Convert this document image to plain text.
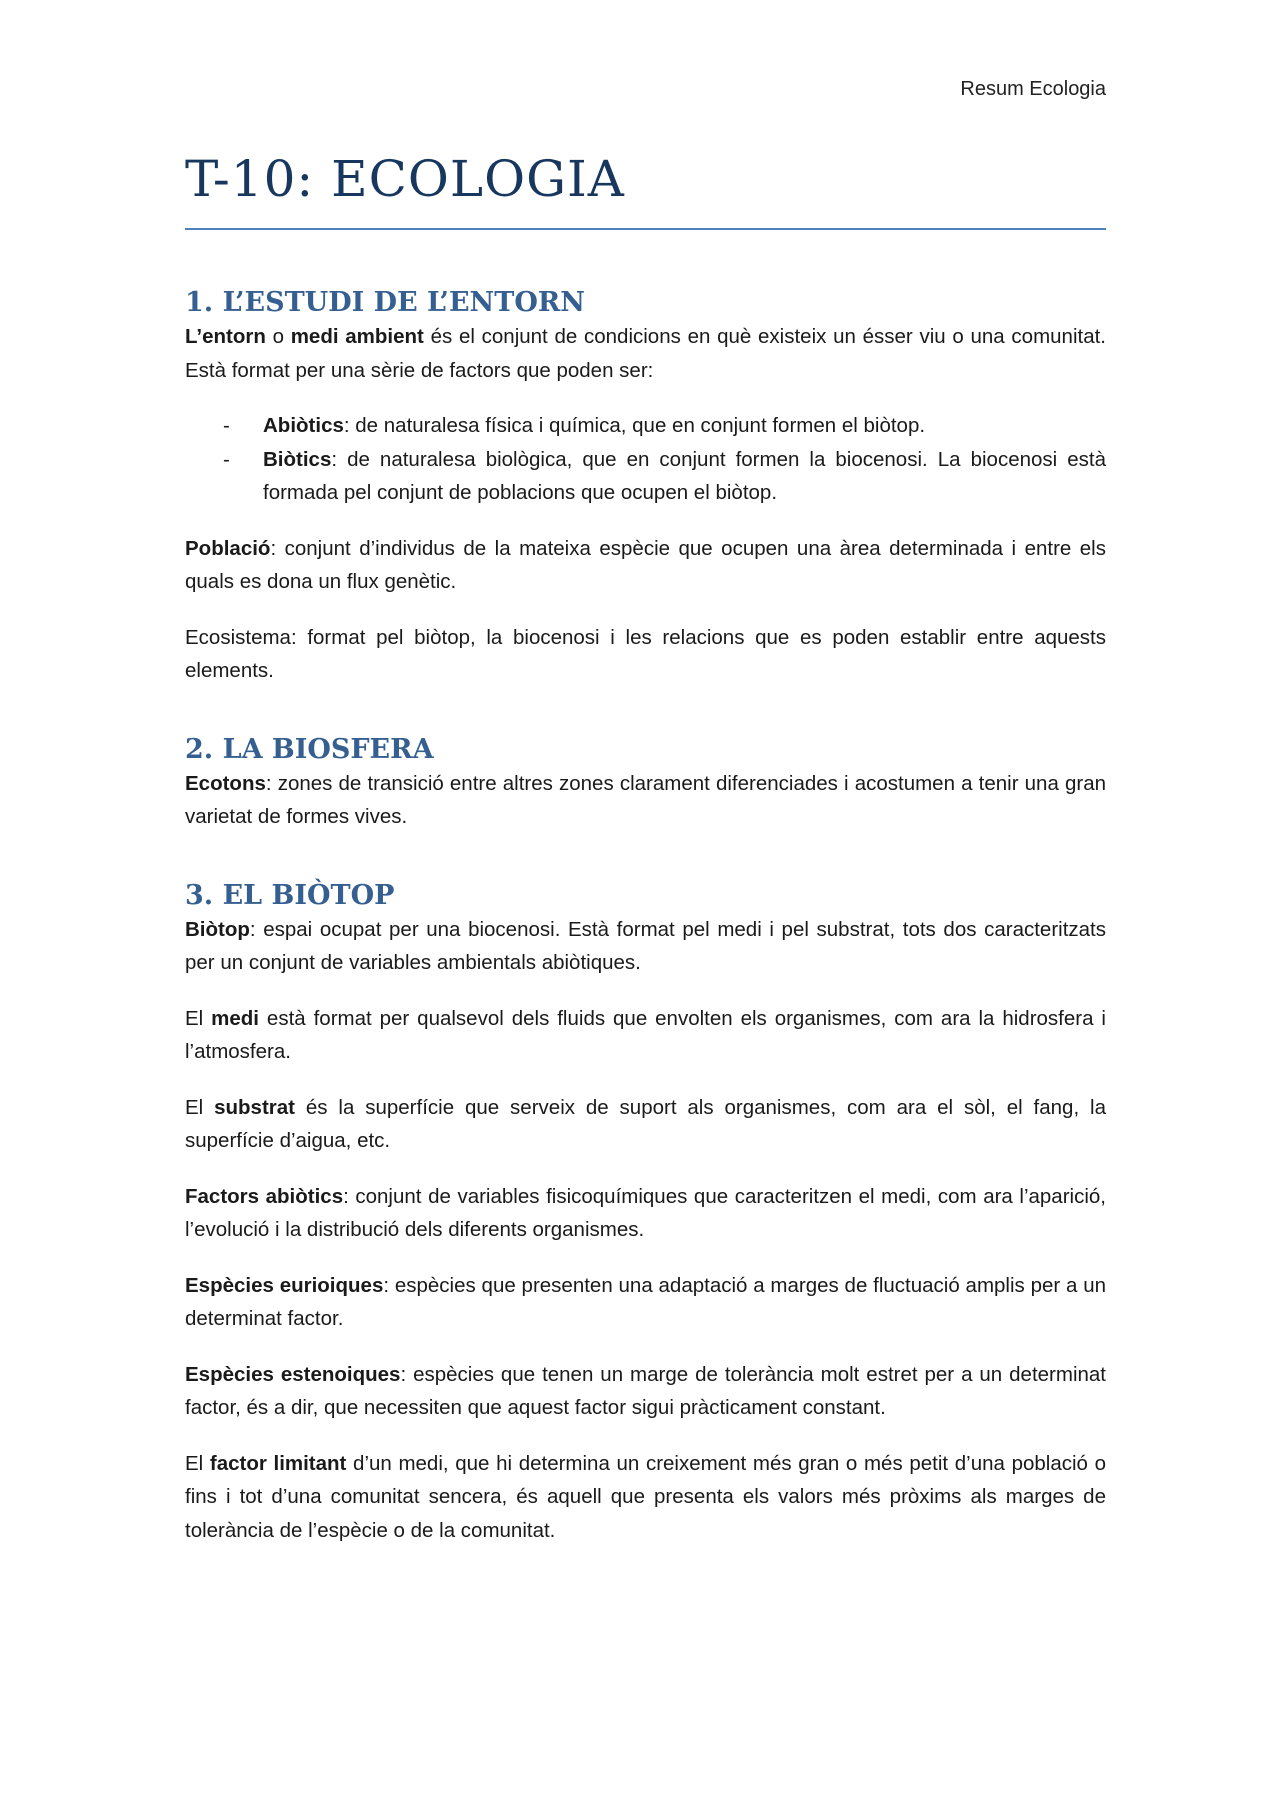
Resum Ecologia
T-10: ECOLOGIA
1. L’ESTUDI DE L’ENTORN

L’entorn o medi ambient és el conjunt de condicions en què existeix un ésser viu o una comunitat. Està format per una sèrie de factors que poden ser:

- Abiòtics: de naturalesa física i química, que en conjunt formen el biòtop.
- Biòtics: de naturalesa biològica, que en conjunt formen la biocenosi. La biocenosi està formada pel conjunt de poblacions que ocupen el biòtop.

Població: conjunt d’individus de la mateixa espècie que ocupen una àrea determinada i entre els quals es dona un flux genètic.

Ecosistema: format pel biòtop, la biocenosi i les relacions que es poden establir entre aquests elements.

2. LA BIOSFERA

Ecotons: zones de transició entre altres zones clarament diferenciades i acostumen a tenir una gran varietat de formes vives.

3. EL BIÒTOP

Biòtop: espai ocupat per una biocenosi. Està format pel medi i pel substrat, tots dos caracteritzats per un conjunt de variables ambientals abiòtiques.

El medi està format per qualsevol dels fluids que envolten els organismes, com ara la hidrosfera i l’atmosfera.

El substrat és la superfície que serveix de suport als organismes, com ara el sòl, el fang, la superfície d’aigua, etc.

Factors abiòtics: conjunt de variables fisicoquímiques que caracteritzen el medi, com ara l’aparició, l’evolució i la distribució dels diferents organismes.

Espècies eurioiques: espècies que presenten una adaptació a marges de fluctuació amplis per a un determinat factor.

Espècies estenoiques: espècies que tenen un marge de tolerància molt estret per a un determinat factor, és a dir, que necessiten que aquest factor sigui pràcticament constant.

El factor limitant d’un medi, que hi determina un creixement més gran o més petit d’una població o fins i tot d’una comunitat sencera, és aquell que presenta els valors més pròxims als marges de tolerància de l’espècie o de la comunitat.
